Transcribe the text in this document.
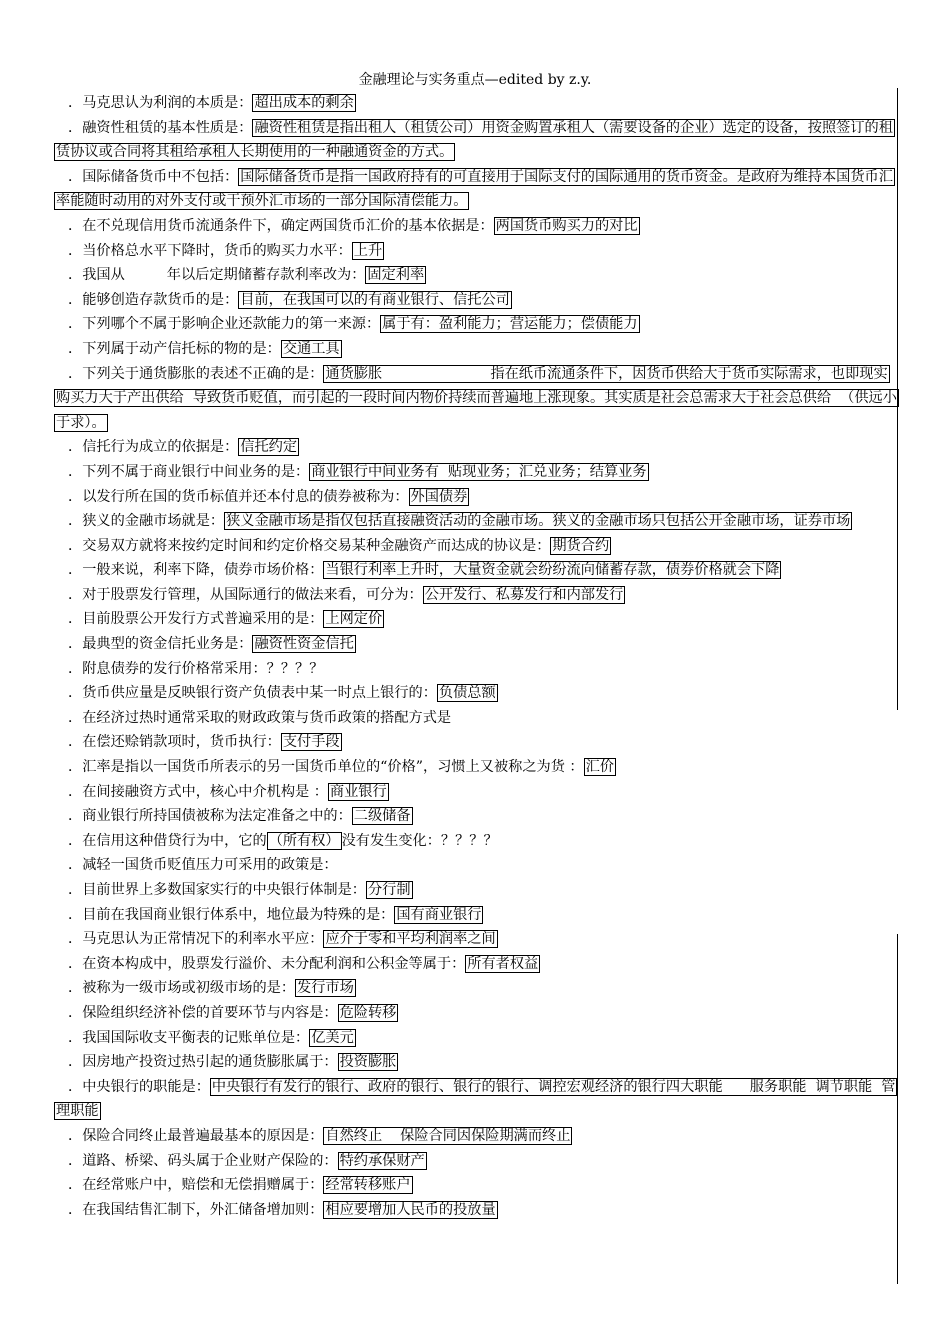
金融理论与实务重点—edited by z.y.
．马克思认为利润的本质是： 超出成本的剩余
．融资性租赁的基本性质是： 融资性租赁是指出租人（租赁公司）用资金购置承租人（需要设备的企业）选定的设备，按照签订的租赁协议或合同将其租给承租人长期使用的一种融通资金的方式。
．国际储备货币中不包括： 国际储备货币是指一国政府持有的可直接用于国际支付的国际通用的货币资金。是政府为维持本国货币汇率能随时动用的对外支付或干预外汇市场的一部分国际清偿能力。
．在不兑现信用货币流通条件下，确定两国货币汇价的基本依据是： 两国货币购买力的对比
．当价格总水平下降时，货币的购买力水平： 上升
．我国从	年以后定期储蓄存款利率改为： 固定利率
．能够创造存款货币的是： 目前，在我国可以的有商业银行、信托公司
．下列哪个不属于影响企业还款能力的第一来源： 属于有：盈利能力；营运能力；偿债能力
．下列属于动产信托标的物的是： 交通工具
．下列关于通货膨胀的表述不正确的是： 通货膨胀                        指在纸币流通条件下，因货币供给大于货币实际需求，也即现实购买力大于产出供给  导致货币贬值，而引起的一段时间内物价持续而普遍地上涨现象。其实质是社会总需求大于社会总供给  （供远小于求）。
．信托行为成立的依据是： 信托约定
．下列不属于商业银行中间业务的是： 商业银行中间业务有  贴现业务；汇兑业务；结算业务
．以发行所在国的货币标值并还本付息的债券被称为： 外国债券
．狭义的金融市场就是： 狭义金融市场是指仅包括直接融资活动的金融市场。狭义的金融市场只包括公开金融市场，证券市场
．交易双方就将来按约定时间和约定价格交易某种金融资产而达成的协议是： 期货合约
．一般来说，利率下降，债券市场价格： 当银行利率上升时，大量资金就会纷纷流向储蓄存款，债券价格就会下降
．对于股票发行管理，从国际通行的做法来看，可分为： 公开发行、私募发行和内部发行
．目前股票公开发行方式普遍采用的是： 上网定价
．最典型的资金信托业务是： 融资性资金信托
．附息债券的发行价格常采用：？？？？
．货币供应量是反映银行资产负债表中某一时点上银行的： 负债总额
．在经济过热时通常采取的财政政策与货币政策的搭配方式是
．在偿还赊销款项时，货币执行： 支付手段
．汇率是指以一国货币所表示的另一国货币单位的“价格”，习惯上又被称之为货 ： 汇价
．在间接融资方式中，核心中介机构是 ： 商业银行
．商业银行所持国债被称为法定准备之中的： 二级储备
．在信用这种借贷行为中，它的 （所有权） 没有发生变化：？？？？
．减轻一国货币贬值压力可采用的政策是：
．目前世界上多数国家实行的中央银行体制是： 分行制
．目前在我国商业银行体系中，地位最为特殊的是： 国有商业银行
．马克思认为正常情况下的利率水平应： 应介于零和平均利润率之间
．在资本构成中，股票发行溢价、未分配利润和公积金等属于： 所有者权益
．被称为一级市场或初级市场的是： 发行市场
．保险组织经济补偿的首要环节与内容是： 危险转移
．我国国际收支平衡表的记账单位是： 亿美元
．因房地产投资过热引起的通货膨胀属于： 投资膨胀
．中央银行的职能是： 中央银行有发行的银行、政府的银行、银行的银行、调控宏观经济的银行四大职能      服务职能  调节职能  管理职能
．保险合同终止最普遍最基本的原因是： 自然终止    保险合同因保险期满而终止
．道路、桥梁、码头属于企业财产保险的： 特约承保财产
．在经常账户中，赔偿和无偿捐赠属于： 经常转移账户
．在我国结售汇制下，外汇储备增加则： 相应要增加人民币的投放量
